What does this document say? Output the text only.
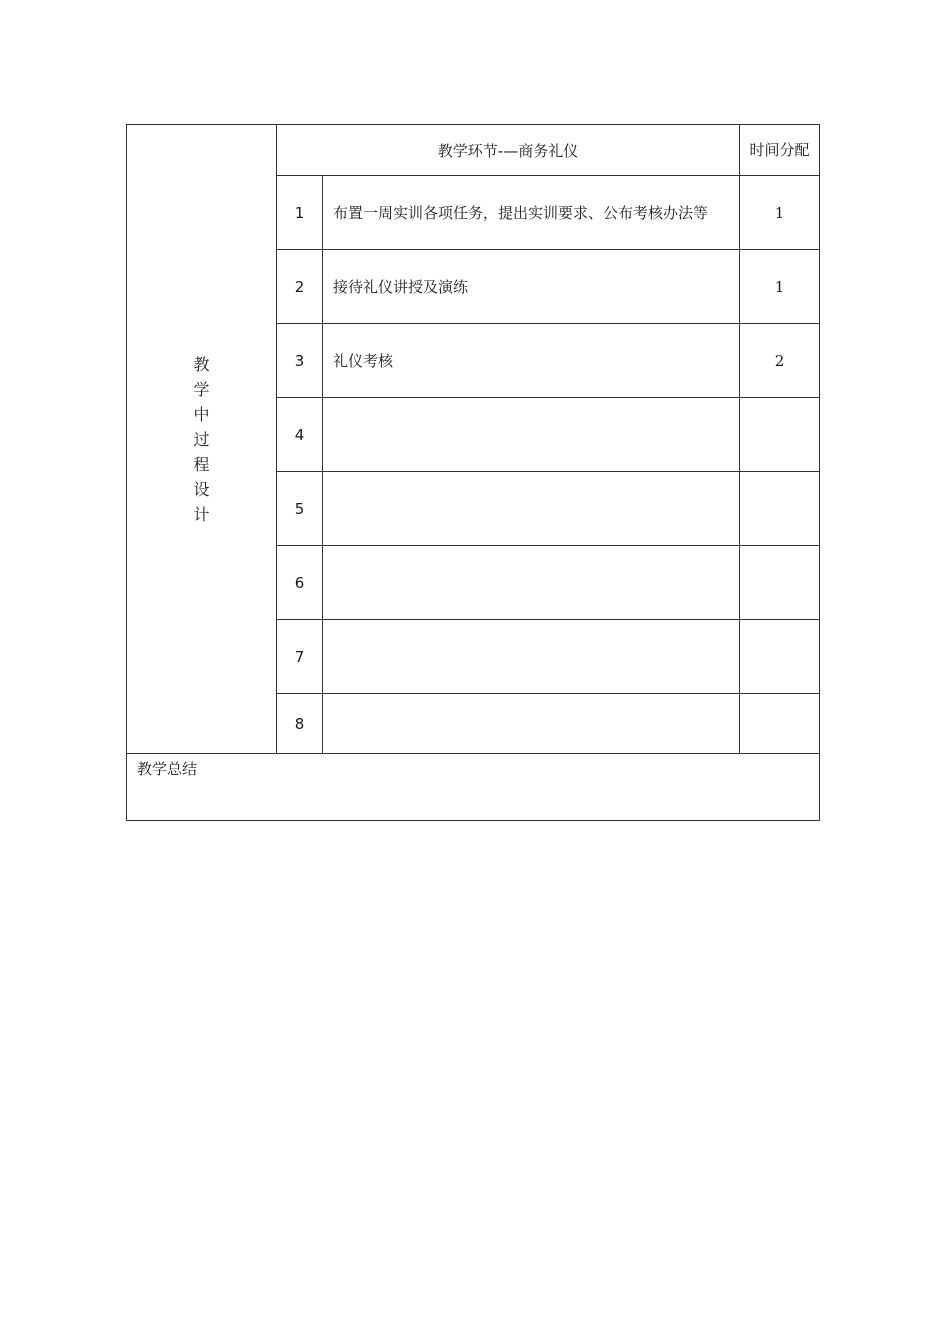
教学中过程设计	教学环节-—商务礼仪		时间分配
	1	布置一周实训各项任务，提出实训要求、公布考核办法等	1
	2	接待礼仪讲授及演练	1
	3	礼仪考核	2
	4		
	5		
	6		
	7		
	8		
教学总结			
